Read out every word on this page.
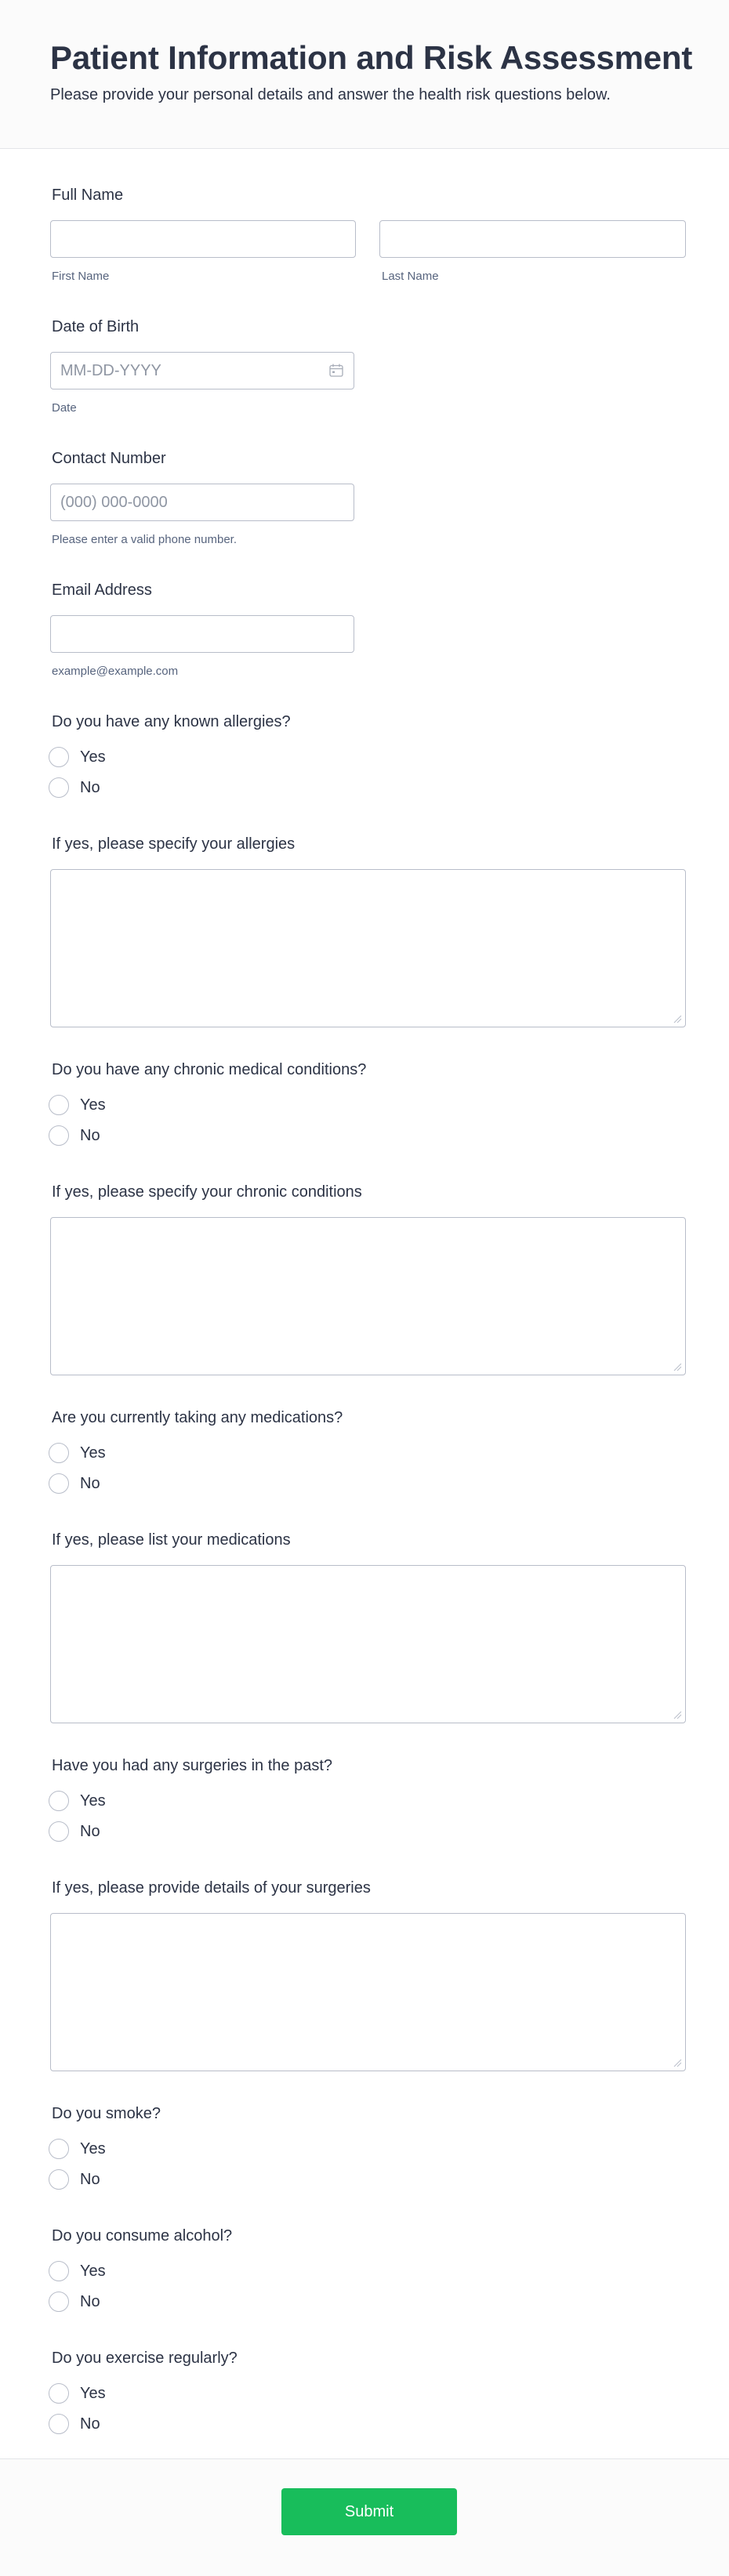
Patient Information and Risk Assessment
Please provide your personal details and answer the health risk questions below.
Full Name
First Name	Last Name
Date of Birth
MM-DD-YYYY
Date
Contact Number
(000) 000-0000
Please enter a valid phone number.
Email Address
example@example.com
Do you have any known allergies?
Yes
No
If yes, please specify your allergies
Do you have any chronic medical conditions?
Yes
No
If yes, please specify your chronic conditions
Are you currently taking any medications?
Yes
No
If yes, please list your medications
Have you had any surgeries in the past?
Yes
No
If yes, please provide details of your surgeries
Do you smoke?
Yes
No
Do you consume alcohol?
Yes
No
Do you exercise regularly?
Yes
No
Submit
